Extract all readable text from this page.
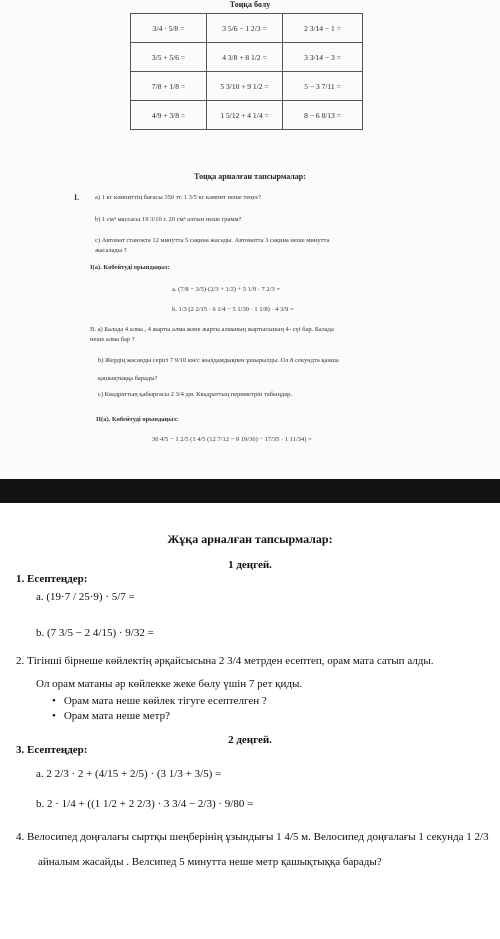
Тоңқа болу
3/4 · 5/8 =	3 5/6 − 1 2/3 =	2 3/14 − 1 =
3/5 + 5/6 =	4 3/8 + 8 1/2 =	3 3/14 − 3 =
7/8 + 1/8 =	5 3/10 + 9 1/2 =	5 − 3 7/11 =
4/9 + 3/8 =	1 5/12 + 4 1/4 =	8 − 6 8/13 =
Тоңқа арналған тапсырмалар:
I. а) 1 кг кәмпиттің бағасы 350 тг. 1 3/5 кг кәмпит неше теңге?
b) 1 см³ массасы 19 3/10 г. 20 см³ алтын неше грамм?
c) Автомат станокта 12 минутта 5 сақина жасады. Автоматта 3 сақина неше минутта
жасалады ?
I(a). Көбейтуді орындаңыз:
a. (7/8 − 3/5)·(2/3 + 1/2) + 5 1/9 · 7 2/3 =
b. 1/3 (2 2/15 · 6 1/4 − 5 1/30 · 1 1/8) · 4 3/9 =
II. а) Балада 4 алма , 4 жарты алма және жарты алманың жартысының 4- сүі бар. Балада
неше алма бар ?
b) Жердің жасанды серігі 7 9/10 км/с жылдамдықпен ұшырылды. Ол 8 секундта қанша
қашықтыққа барады?
c) Квадраттың қабырғасы 2 3/4 дм. Квадраттың периметрін табыңдар.
II(a). Көбейтуді орындаңыз:
30 4/5 − 1 2/5 (1 4/5 (12 7/12 − 9 19/36) − 17/35 · 1 11/34) =
Жұқа арналған тапсырмалар:
1 деңгей.
1. Есептеңдер:
a. (19·7 / 25·9) · 5/7 =
b. (7 3/5 − 2 4/15) · 9/32 =
2. Тігінші бірнеше көйлектің әрқайсысына 2 3/4 метрден есептеп, орам мата сатып алды.
Ол орам матаны әр көйлекке жеке бөлу үшін 7 рет қиды.
• Орам мата неше көйлек тігуге есептелген ?
• Орам мата неше метр?
2 деңгей.
3. Есептеңдер:
a. 2 2/3 · 2 + (4/15 + 2/5) · (3 1/3 + 3/5) =
b. 2 · 1/4 + ((1 1/2 + 2 2/3) · 3 3/4 − 2/3) · 9/80 =
4. Велосипед доңғалағы сыртқы шеңберінің ұзындығы 1 4/5 м. Велосипед доңғалағы 1 секунда 1 2/3
айналым жасайды . Велсипед 5 минутта неше метр қашықтыққа барады?
